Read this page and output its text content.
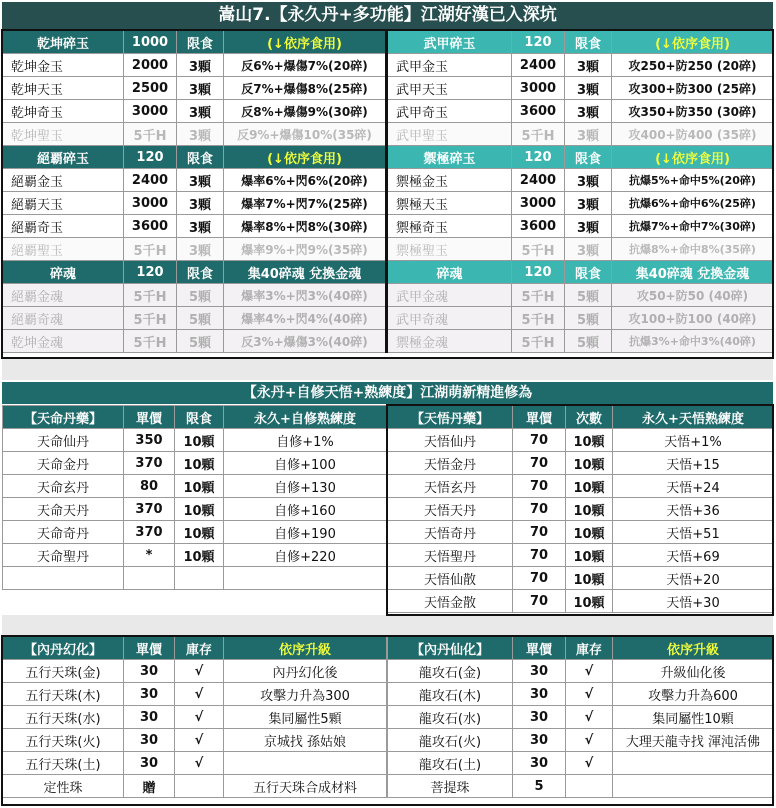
嵩山7.【永久丹+多功能】江湖好漢已入深坑
乾坤碎玉	1000	限食	(↓依序食用)	武甲碎玉	120	限食	(↓依序食用)
乾坤金玉	2000	3顆	反6%+爆傷7%(20碎)	武甲金玉	2400	3顆	攻250+防250 (20碎)
乾坤天玉	2500	3顆	反7%+爆傷8%(25碎)	武甲天玉	3000	3顆	攻300+防300 (25碎)
乾坤奇玉	3000	3顆	反8%+爆傷9%(30碎)	武甲奇玉	3600	3顆	攻350+防350 (30碎)
乾坤聖玉	5千H	3顆	反9%+爆傷10%(35碎)	武甲聖玉	5千H	3顆	攻400+防400 (35碎)
絕覇碎玉	120	限食	(↓依序食用)	禦極碎玉	120	限食	(↓依序食用)
絕覇金玉	2400	3顆	爆率6%+閃6%(20碎)	禦極金玉	2400	3顆	抗爆5%+命中5%(20碎)
絕覇天玉	3000	3顆	爆率7%+閃7%(25碎)	禦極天玉	3000	3顆	抗爆6%+命中6%(25碎)
絕覇奇玉	3600	3顆	爆率8%+閃8%(30碎)	禦極奇玉	3600	3顆	抗爆7%+命中7%(30碎)
絕覇聖玉	5千H	3顆	爆率9%+閃9%(35碎)	禦極聖玉	5千H	3顆	抗爆8%+命中8%(35碎)
碎魂	120	限食	集40碎魂 兌換金魂	碎魂	120	限食	集40碎魂 兌換金魂
絕覇金魂	5千H	5顆	爆率3%+閃3%(40碎)	武甲金魂	5千H	5顆	攻50+防50 (40碎)
絕覇奇魂	5千H	5顆	爆率4%+閃4%(40碎)	武甲奇魂	5千H	5顆	攻100+防100 (40碎)
乾坤金魂	5千H	5顆	反3%+爆傷3%(40碎)	禦極金魂	5千H	5顆	抗爆3%+命中3%(40碎)
【永丹+自修天悟+熟練度】江湖萌新精進修為
【天命丹藥】	單價	限食	永久+自修熟練度
天命仙丹	350	10顆	自修+1%
天命金丹	370	10顆	自修+100
天命玄丹	80	10顆	自修+130
天命天丹	370	10顆	自修+160
天命奇丹	370	10顆	自修+190
天命聖丹	*	10顆	自修+220

【天悟丹藥】	單價	次數	永久+天悟熟練度
天悟仙丹	70	10顆	天悟+1%
天悟金丹	70	10顆	天悟+15
天悟玄丹	70	10顆	天悟+24
天悟天丹	70	10顆	天悟+36
天悟奇丹	70	10顆	天悟+51
天悟聖丹	70	10顆	天悟+69
天悟仙散	70	10顆	天悟+20
天悟金散	70	10顆	天悟+30
【內丹幻化】	單價	庫存	依序升級
五行天珠(金)	30	√	內丹幻化後
五行天珠(木)	30	√	攻擊力升為300
五行天珠(水)	30	√	集同屬性5顆
五行天珠(火)	30	√	京城找 孫姑娘
五行天珠(土)	30	√	
定性珠	贈		五行天珠合成材料
【內丹仙化】	單價	庫存	依序升級
龍攻石(金)	30	√	升級仙化後
龍攻石(木)	30	√	攻擊力升為600
龍攻石(水)	30	√	集同屬性10顆
龍攻石(火)	30	√	大理天龍寺找 渾沌活佛
龍攻石(土)	30	√	
菩提珠	5		
